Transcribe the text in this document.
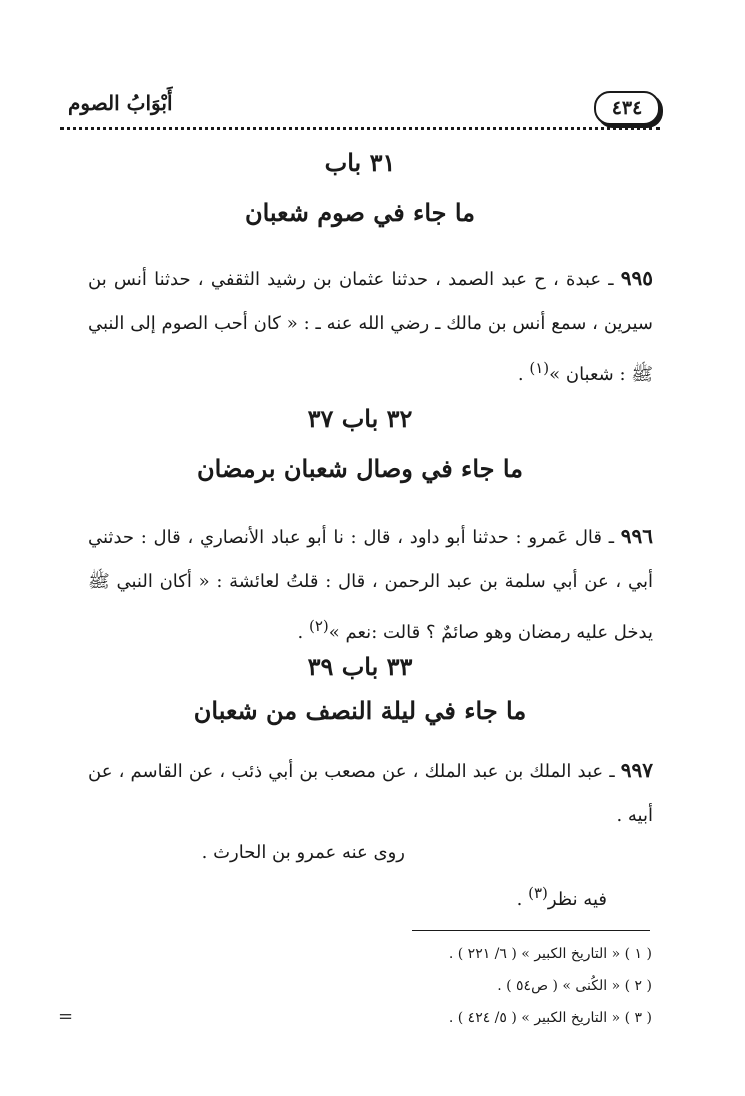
٤٣٤
أَبْوَابُ الصوم
٣١ باب
ما جاء في صوم شعبان
٩٩٥ ـ عبدة ، ح عبد الصمد ، حدثنا عثمان بن رشيد الثقفي ، حدثنا أنس بن سيرين ، سمع أنس بن مالك ـ رضي الله عنه ـ : « كان أحب الصوم إلى النبي ﷺ : شعبان »$^{(١)}$ .
٣٢ باب ٣٧
ما جاء في وصال شعبان برمضان
٩٩٦ ـ قال عَمرو : حدثنا أبو داود ، قال : نا أبو عباد الأنصاري ، قال : حدثني أبي ، عن أبي سلمة بن عبد الرحمن ، قال : قلتُ لعائشة : « أكان النبي ﷺ يدخل عليه رمضان وهو صائمٌ ؟ قالت :نعم »$^{(٢)}$ .
٣٣ باب ٣٩
ما جاء في ليلة النصف من شعبان
٩٩٧ ـ عبد الملك بن عبد الملك ، عن مصعب بن أبي ذئب ، عن القاسم ، عن أبيه .
روى عنه عمرو بن الحارث .
فيه نظر$^{(٣)}$ .
( ١ ) « التاريخ الكبير » ( ٦/ ٢٢١ ) .
( ٢ ) « الكُنى » ( ص٥٤ ) .
( ٣ ) « التاريخ الكبير » ( ٥/ ٤٢٤ ) .
=
